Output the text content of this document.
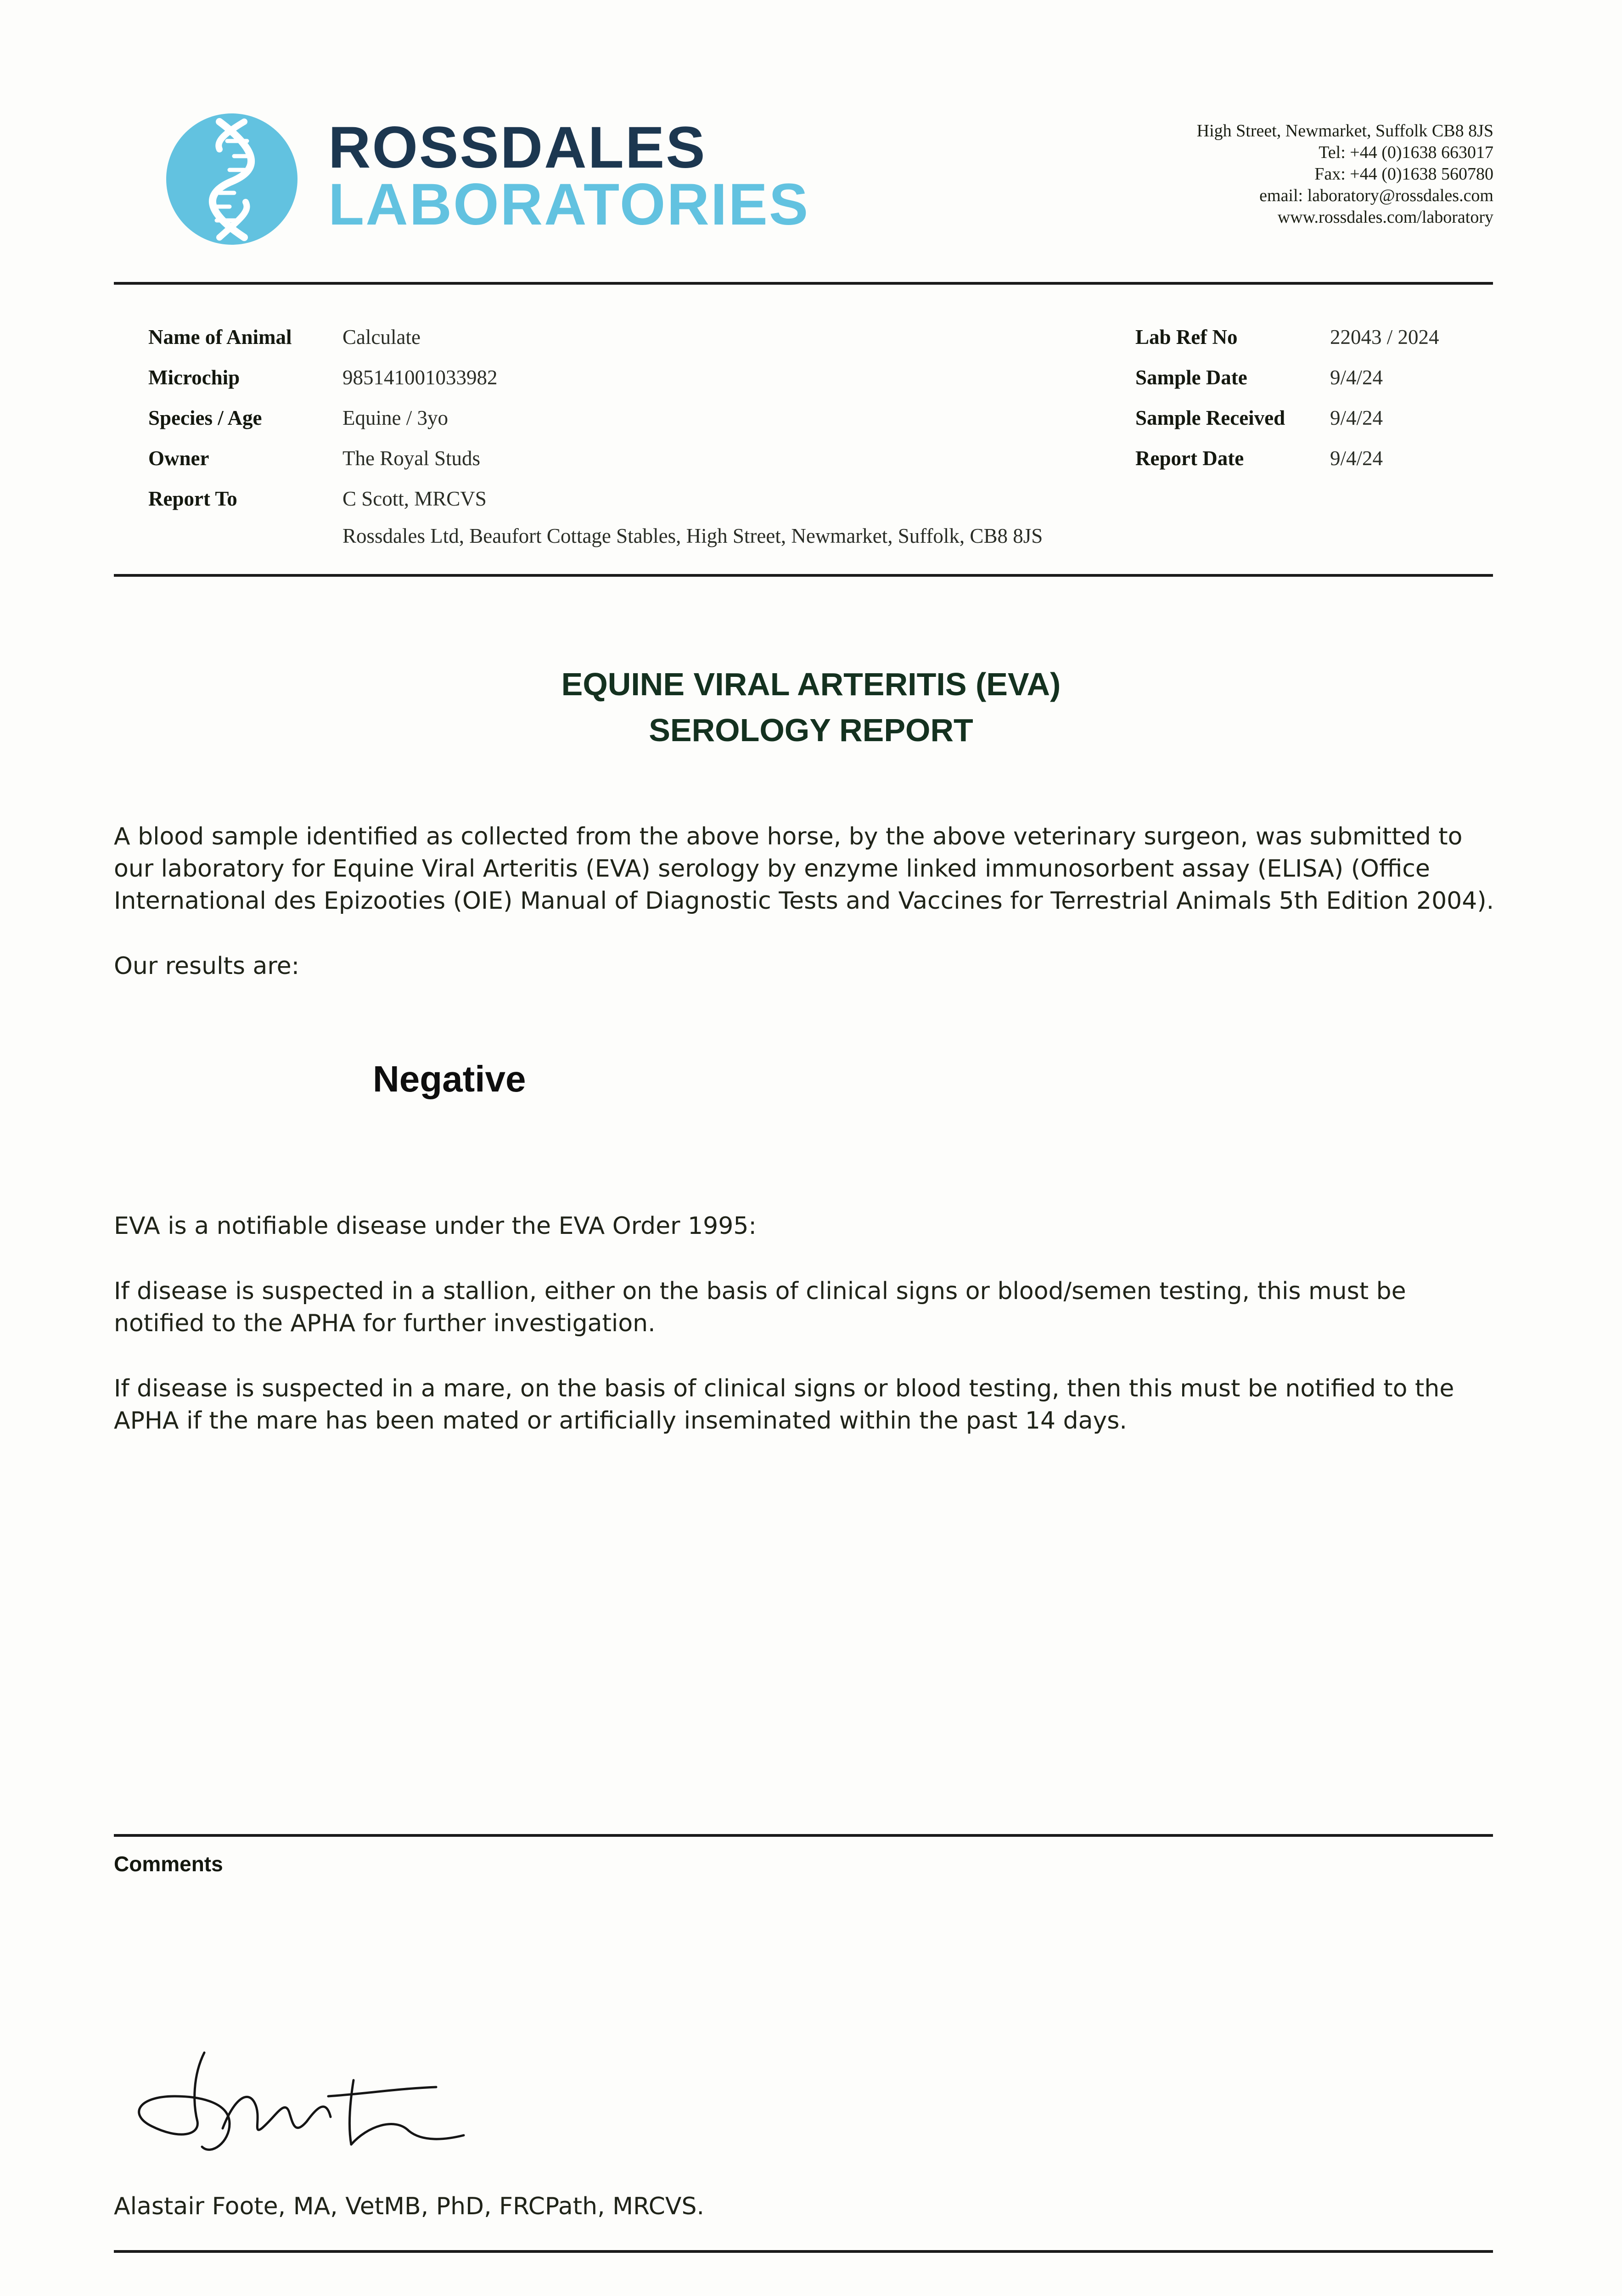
ROSSDALES
LABORATORIES
High Street, Newmarket, Suffolk CB8 8JS
Tel: +44 (0)1638 663017
Fax: +44 (0)1638 560780
email: laboratory@rossdales.com
www.rossdales.com/laboratory
Name of Animal Calculate
Microchip	985141001033982
Species / Age	Equine / 3yo
Owner	The Royal Studs
Report To	C Scott, MRCVS
Rossdales Ltd, Beaufort Cottage Stables, High Street, Newmarket, Suffolk, CB8 8JS
Lab Ref No	22043 / 2024
Sample Date	9/4/24
Sample Received 9/4/24
Report Date	9/4/24
EQUINE VIRAL ARTERITIS (EVA)
SEROLOGY REPORT
A blood sample identified as collected from the above horse, by the above veterinary surgeon, was submitted to our laboratory for Equine Viral Arteritis (EVA) serology by enzyme linked immunosorbent assay (ELISA) (Office International des Epizooties (OIE) Manual of Diagnostic Tests and Vaccines for Terrestrial Animals 5th Edition 2004).
Our results are:
Negative
EVA is a notifiable disease under the EVA Order 1995:
If disease is suspected in a stallion, either on the basis of clinical signs or blood/semen testing, this must be notified to the APHA for further investigation.
If disease is suspected in a mare, on the basis of clinical signs or blood testing, then this must be notified to the APHA if the mare has been mated or artificially inseminated within the past 14 days.
Comments
Alastair Foote, MA, VetMB, PhD, FRCPath, MRCVS.
